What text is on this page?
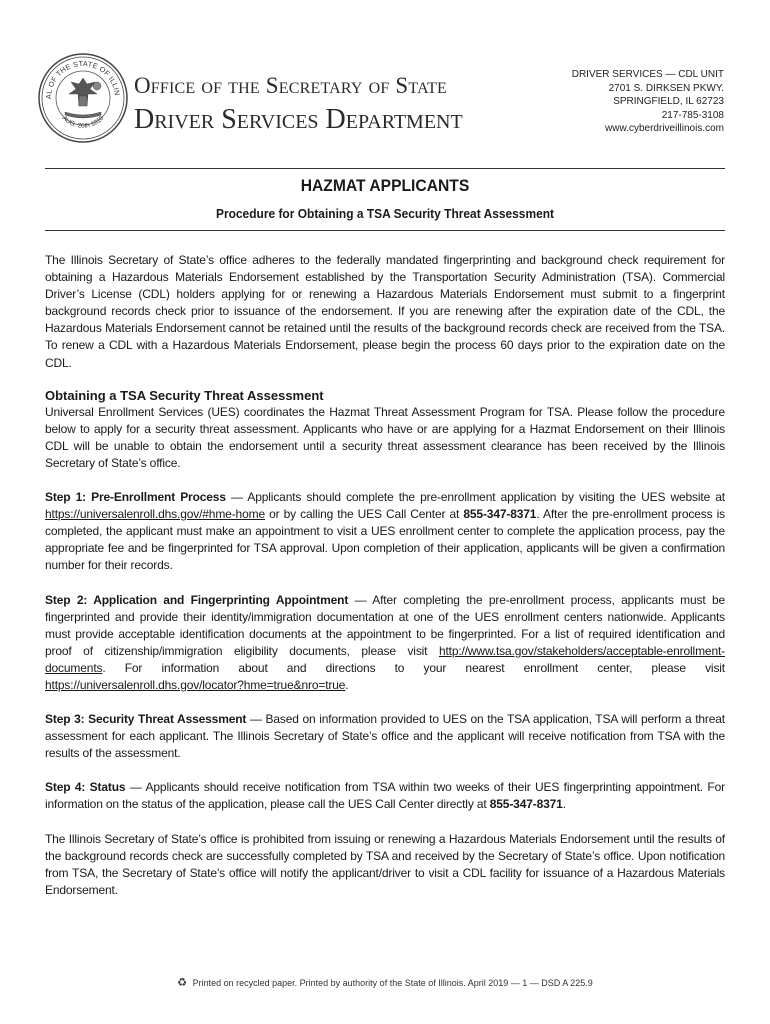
AL OF THE STATE OF ILLIN
AUG. 26th 1818
Office of the Secretary of State
Driver Services Department
DRIVER SERVICES — CDL UNIT
2701 S. DIRKSEN PKWY.
SPRINGFIELD, IL 62723
217-785-3108
www.cyberdriveillinois.com
HAZMAT APPLICANTS
Procedure for Obtaining a TSA Security Threat Assessment

The Illinois Secretary of State’s office adheres to the federally mandated fingerprinting and background check requirement for obtaining a Hazardous Materials Endorsement established by the Transportation Security Administration (TSA). Commercial Driver’s License (CDL) holders applying for or renewing a Hazardous Materials Endorsement must submit to a fingerprint background records check prior to issuance of the endorsement. If you are renewing after the expiration date of the CDL, the Hazardous Materials Endorsement cannot be retained until the results of the background records check are received from the TSA. To renew a CDL with a Hazardous Materials Endorsement, please begin the process 60 days prior to the expiration date on the CDL.

Obtaining a TSA Security Threat Assessment

Universal Enrollment Services (UES) coordinates the Hazmat Threat Assessment Program for TSA. Please follow the procedure below to apply for a security threat assessment. Applicants who have or are applying for a Hazmat Endorsement on their Illinois CDL will be unable to obtain the endorsement until a security threat assessment clearance has been received by the Illinois Secretary of State’s office.

Step 1: Pre-Enrollment Process — Applicants should complete the pre-enrollment application by visiting the UES website at https://universalenroll.dhs.gov/#hme-home or by calling the UES Call Center at 855-347-8371. After the pre-enrollment process is completed, the applicant must make an appointment to visit a UES enrollment center to complete the application process, pay the appropriate fee and be fingerprinted for TSA approval. Upon completion of their application, applicants will be given a confirmation number for their records.

Step 2: Application and Fingerprinting Appointment — After completing the pre-enrollment process, applicants must be fingerprinted and provide their identity/immigration documentation at one of the UES enrollment centers nationwide. Applicants must provide acceptable identification documents at the appointment to be fingerprinted. For a list of required identification and proof of citizenship/immigration eligibility documents, please visit http://www.tsa.gov/stakeholders/acceptable-enrollment-documents. For information about and directions to your nearest enrollment center, please visit https://universalenroll.dhs.gov/locator?hme=true&nro=true.

Step 3: Security Threat Assessment — Based on information provided to UES on the TSA application, TSA will perform a threat assessment for each applicant. The Illinois Secretary of State’s office and the applicant will receive notification from TSA with the results of the assessment.

Step 4: Status — Applicants should receive notification from TSA within two weeks of their UES fingerprinting appointment. For information on the status of the application, please call the UES Call Center directly at 855-347-8371.

The Illinois Secretary of State’s office is prohibited from issuing or renewing a Hazardous Materials Endorsement until the results of the background records check are successfully completed by TSA and received by the Secretary of State’s office. Upon notification from TSA, the Secretary of State’s office will notify the applicant/driver to visit a CDL facility for issuance of a Hazardous Materials Endorsement.

♻ Printed on recycled paper. Printed by authority of the State of Illinois. April 2019 — 1 — DSD A 225.9
